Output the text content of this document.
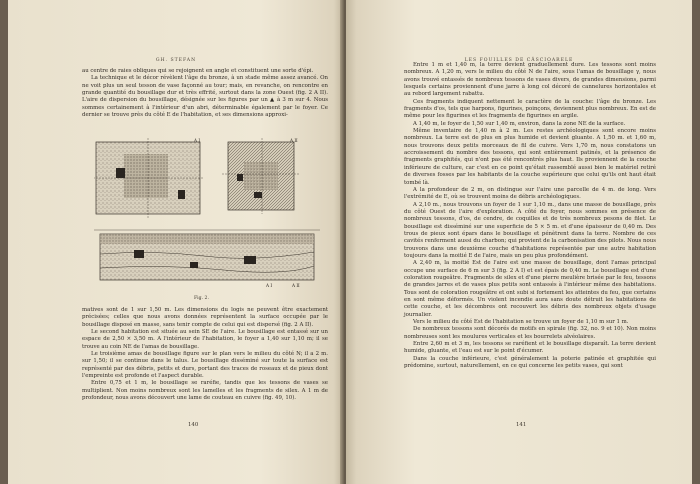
GH. STEFAN

au centre de raies obliques qui se rejoignent en angle et constituent une sorte d'épi.

La technique et le décor révèlent l'âge du bronze, à un stade même assez avancé. On ne voit plus un seul tesson de vase façonné au tour; mais, en revanche, on rencontre en grande quantité du bousillage dur et très effrité, surtout dans la zone Ouest (fig. 2 A II). L'aire de dispersion du bousillage, désignée sur les figures par un ▲ à 3 m sur 4. Nous sommes certainement à l'intérieur d'un abri, déterminable également par le foyer. Ce dernier se trouve près du côté E de l'habitation, et ses dimensions approxi-

A I	A II
A I	A II
Fig. 2.

matives sont de 1 sur 1,50 m. Les dimensions du logis ne peuvent être exactement précisées; celles que nous avons données représentent la surface occupée par le bousillage disposé en masse, sans tenir compte de celui qui est dispersé (fig. 2 A II).

Le second habitation est située au sein SE de l'aire. Le bousillage est entassé sur un espace de 2,50 × 3,50 m. A l'intérieur de l'habitation, le foyer a 1,40 sur 1,10 m; il se trouve au coin NE de l'amas de bousillage.

Le troisième amas de bousillage figure sur le plan vers le milieu du côté N; il a 2 m. sur 1,50; il se continue dans le talus. Le bousillage disséminé sur toute la surface est représenté par des débris, petits et durs, portant des traces de roseaux et de pieux dont l'empreinte est profonde et l'aspect durable.

Entre 0,75 et 1 m, le bousillage se raréfie, tandis que les tessons de vases se multiplient. Non moins nombreux sont les lamelles et les fragments de silex. A 1 m de profondeur, nous avons découvert une lame de couteau en cuivre (fig. 49, 10).

140
LES FOUILLES DE CĂSCIOARELE

Entre 1 m et 1,40 m, la terre devient graduellement dure. Les tessons sont moins nombreux. A 1,20 m, vers le milieu du côté N de l'aire, sous l'amas de bousillage γ, nous avons trouvé entassés de nombreux tessons de vases divers, de grandes dimensions, parmi lesquels certains proviennent d'une jarre à long col décoré de cannelures horizontales et au rebord largement rabattu.

Ces fragments indiquent nettement le caractère de la couche: l'âge du bronze. Les fragments d'os, tels que harpons, figurines, poinçons, deviennent plus nombreux. En est de même pour les figurines et les fragments de figurines en argile.

A 1,40 m, le foyer de 1,50 sur 1,40 m, environ, dans la zone NE de la surface.

Même inventaire de 1,40 m à 2 m. Les restes archéologiques sont encore moins nombreux. La terre est de plus en plus humide et devient gluante. A 1,50 m. et 1,60 m, nous trouvons deux petits morceaux de fil de cuivre. Vers 1,70 m, nous constatons un accroissement du nombre des tessons, qui sont entièrement patinés, et la présence de fragments graphités, qui n'ont pas été rencontrés plus haut. Ils proviennent de la couche inférieure de culture, car c'est en ce point qu'était rassemblé aussi bien le matériel retiré de diverses fosses par les habitants de la couche supérieure que celui qu'ils ont haut était tombé là.

A la profondeur de 2 m, on distingue sur l'aire une parcelle de 4 m. de long. Vers l'extrémité de E, où se trouvent moins de débris archéologiques.

A 2,10 m., nous trouvons un foyer de 1 sur 1,10 m., dans une masse de bousillage, près du côté Ouest de l'aire d'exploration. A côté du foyer, nous sommes en présence de nombreux tessons, d'os, de cendre, de coquilles et de très nombreux pesons de filet. Le bousillage est disséminé sur une superficie de 5 × 5 m. et d'une épaisseur de 0,40 m. Des trous de pieux sont épars dans le bousillage et pénètrent dans la terre. Nombre de ces cavités renferment aussi du charbon; qui provient de la carbonisation des pilots. Nous nous trouvons dans une deuxième couche d'habitations représentée par une autre habitation toujours dans la moitié E de l'aire, mais un peu plus profondément.

A 2,40 m, la moitié Est de l'aire est une masse de bousillage, dont l'amas principal occupe une surface de 6 m sur 3 (fig. 2 A I) et est épais de 0,40 m. Le bousillage est d'une coloration rougeâtre. Fragments de silex et d'une pierre meulière brisée par le feu, tessons de grandes jarres et de vases plus petits sont entassés à l'intérieur même des habitations. Tous sont de coloration rougeâtre et ont subi si fortement les atteintes du feu, que certains en sont même déformés. Un violent incendie aura sans doute détruit les habitations de cette couche, et les décombres ont recouvert les débris des nombreux objets d'usage journalier.

Vers le milieu du côté Est de l'habitation se trouve un foyer de 1,10 m sur 1 m.

De nombreux tessons sont décorés de motifs en spirale (fig. 32, no. 9 et 10). Non moins nombreuses sont les moulures verticales et les bourrelets alvéolaires.

Entre 2,60 m et 3 m, les tessons se raréfient et le bousillage disparaît. La terre devient humide, gluante, et l'eau est sur le point d'écumer.

Dans la couche inférieure, c'est généralement la poterie patinée et graphitée qui prédomine, surtout, naturellement, en ce qui concerne les petits vases, qui sont

141
